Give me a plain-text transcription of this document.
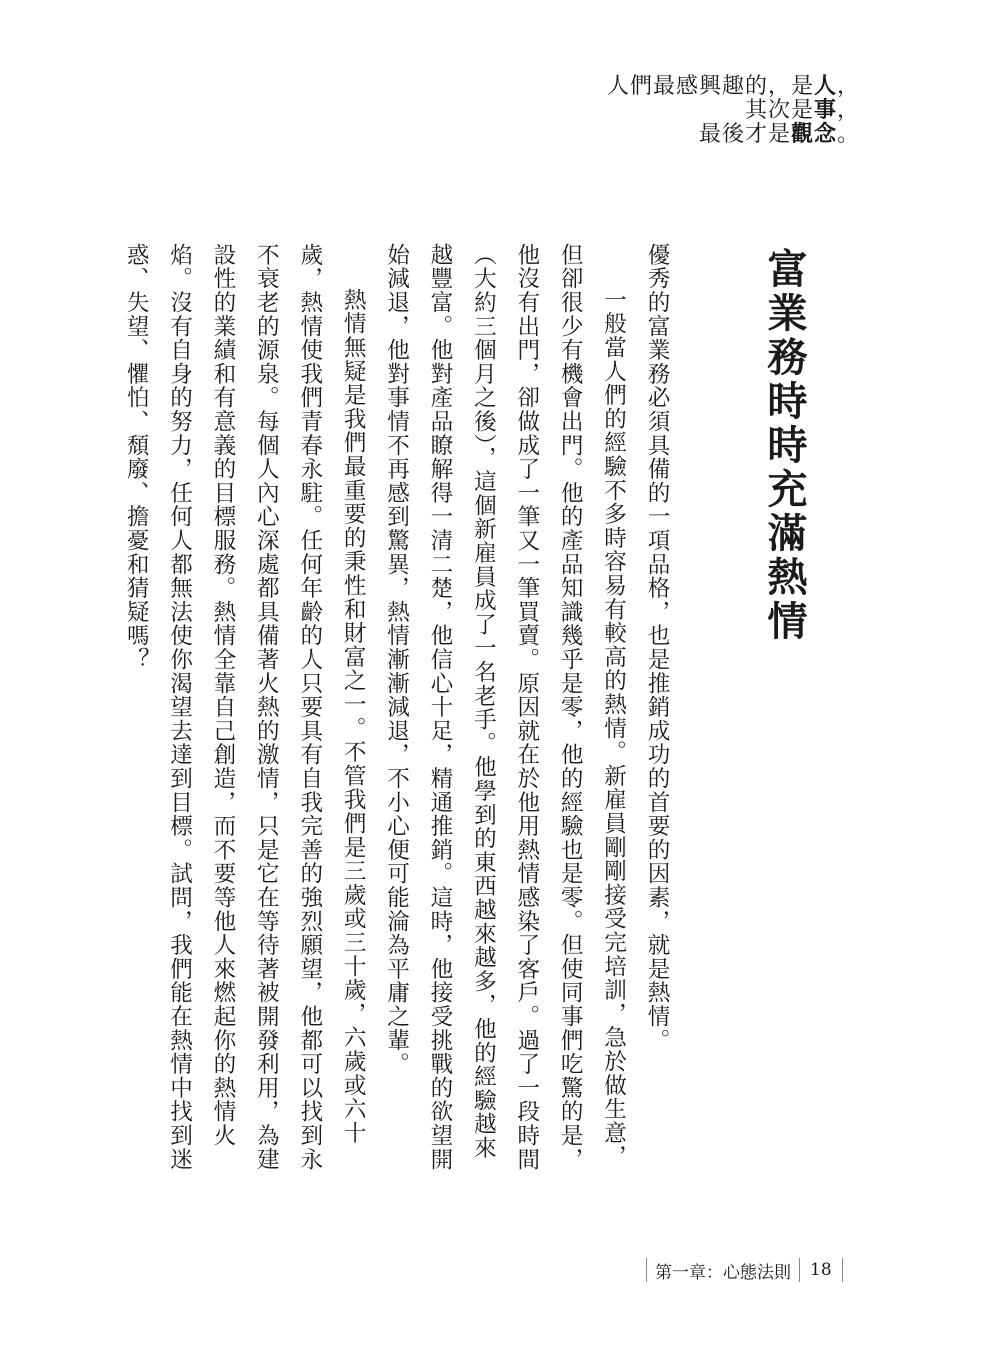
人們最感興趣的，是人，
其次是事，
最後才是觀念。
富業務時時充滿熱情

優秀的富業務必須具備的一項品格，也是推銷成功的首要的因素，就是熱情。

一般當人們的經驗不多時容易有較高的熱情。新雇員剛剛接受完培訓，急於做生意，但卻很少有機會出門。他的產品知識幾乎是零，他的經驗也是零。但使同事們吃驚的是，他沒有出門，卻做成了一筆又一筆買賣。原因就在於他用熱情感染了客戶。過了一段時間（大約三個月之後），這個新雇員成了一名老手。他學到的東西越來越多，他的經驗越來越豐富。他對產品瞭解得一清二楚，他信心十足，精通推銷。這時，他接受挑戰的欲望開始減退，他對事情不再感到驚異，熱情漸漸減退，不小心便可能淪為平庸之輩。

熱情無疑是我們最重要的秉性和財富之一。不管我們是三歲或三十歲，六歲或六十歲，熱情使我們青春永駐。任何年齡的人只要具有自我完善的強烈願望，他都可以找到永不衰老的源泉。每個人內心深處都具備著火熱的激情，只是它在等待著被開發利用，為建設性的業績和有意義的目標服務。熱情全靠自己創造，而不要等他人來燃起你的熱情火焰。沒有自身的努力，任何人都無法使你渴望去達到目標。試問，我們能在熱情中找到迷惑、失望、懼怕、頹廢、擔憂和猜疑嗎？

第一章：心態法則	18
